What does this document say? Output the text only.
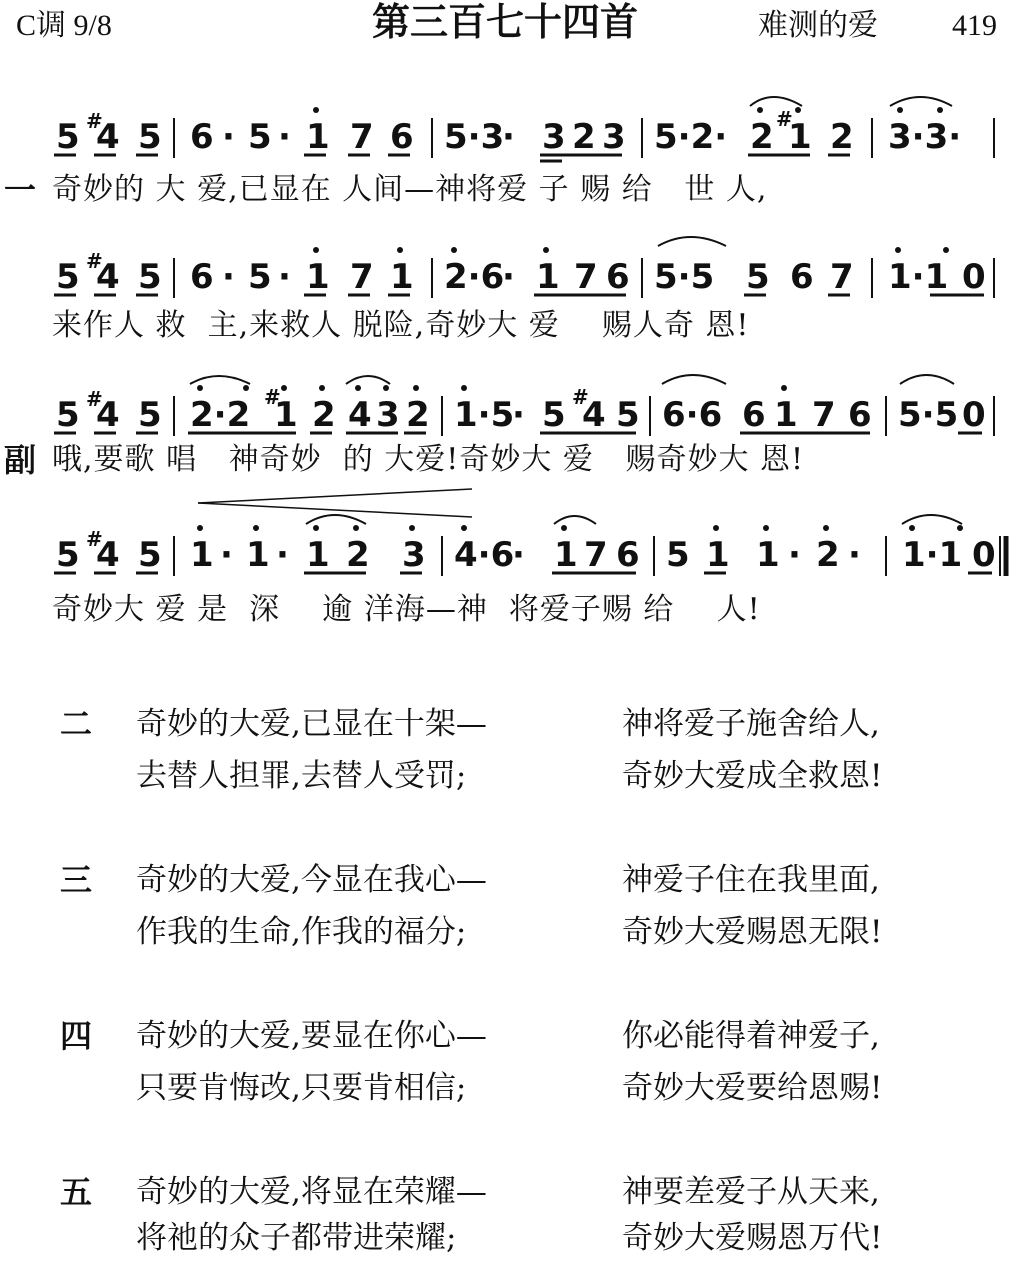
C调 9/8	第三百七十四首	难测的爱 419
5 #
4 5 6 · 5 · 1 7 6 5·3
· 3 2 3 5·2· 2 #
1 2 3·3·
一 奇妙的 大 爱,已显在 人间—神将爱 子 赐 给   世 人,
5 #
4 5 6 · 5 · 1 7 1 2·6
· 1 7 6 5·5 5 6 7 1·1 0
来作人 救  主,来救人 脱险,奇妙大 爱    赐人奇 恩!
5 #
4 5 2·2 #
1 2 4 3 2 1·5
· 5 #
4 5 6·6 6 1 7 6 5·5 0
副 哦,要歌 唱   神奇妙  的 大爱!奇妙大 爱   赐奇妙大 恩!
5 #
4 5 1 · 1 · 1 2 3 4·6
· 1 7 6 5 1 1 · 2 · 1·1 0
奇妙大 爱 是  深    逾 洋海—神  将爱子赐 给    人!
二 奇妙的大爱,已显在十架—	神将爱子施舍给人,
去替人担罪,去替人受罚;	奇妙大爱成全救恩!
三 奇妙的大爱,今显在我心—	神爱子住在我里面,
作我的生命,作我的福分;	奇妙大爱赐恩无限!
四 奇妙的大爱,要显在你心—	你必能得着神爱子,
只要肯悔改,只要肯相信;	奇妙大爱要给恩赐!
五 奇妙的大爱,将显在荣耀—	神要差爱子从天来,
将祂的众子都带进荣耀;	奇妙大爱赐恩万代!
